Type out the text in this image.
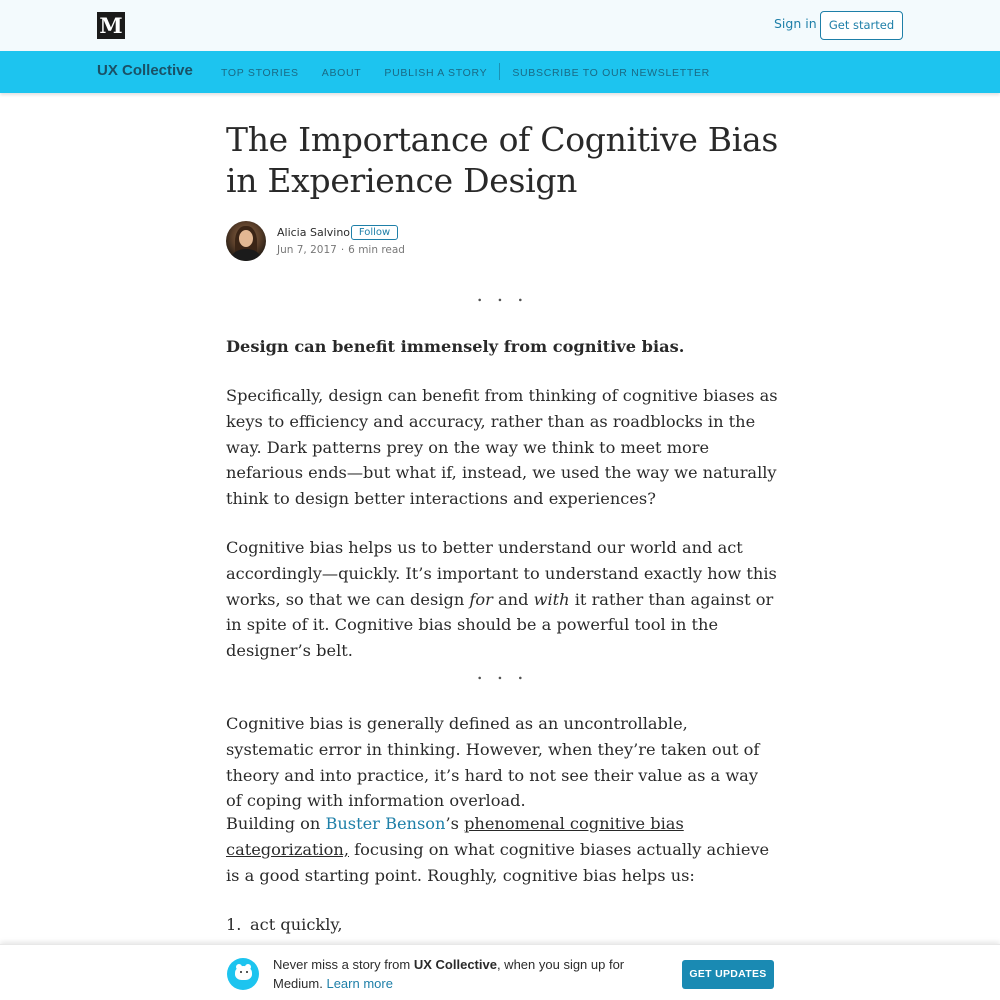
M	Sign in	Get started
UX Collective	TOP STORIES ABOUT PUBLISH A STORY SUBSCRIBE TO OUR NEWSLETTER
The Importance of Cognitive Bias in Experience Design
Alicia Salvino Follow
Jun 7, 2017 · 6 min read
...

Design can benefit immensely from cognitive bias.

Specifically, design can benefit from thinking of cognitive biases as keys to efficiency and accuracy, rather than as roadblocks in the way. Dark patterns prey on the way we think to meet more nefarious ends—but what if, instead, we used the way we naturally think to design better interactions and experiences?

Cognitive bias helps us to better understand our world and act accordingly—quickly. It’s important to understand exactly how this works, so that we can design for and with it rather than against or in spite of it. Cognitive bias should be a powerful tool in the designer’s belt.

...

Cognitive bias is generally defined as an uncontrollable, systematic error in thinking. However, when they’re taken out of theory and into practice, it’s hard to not see their value as a way of coping with information overload.

Building on Buster Benson’s phenomenal cognitive bias categorization, focusing on what cognitive biases actually achieve is a good starting point. Roughly, cognitive bias helps us:

1. act quickly,
Never miss a story from UX Collective, when you sign up for Medium. Learn more
GET UPDATES
